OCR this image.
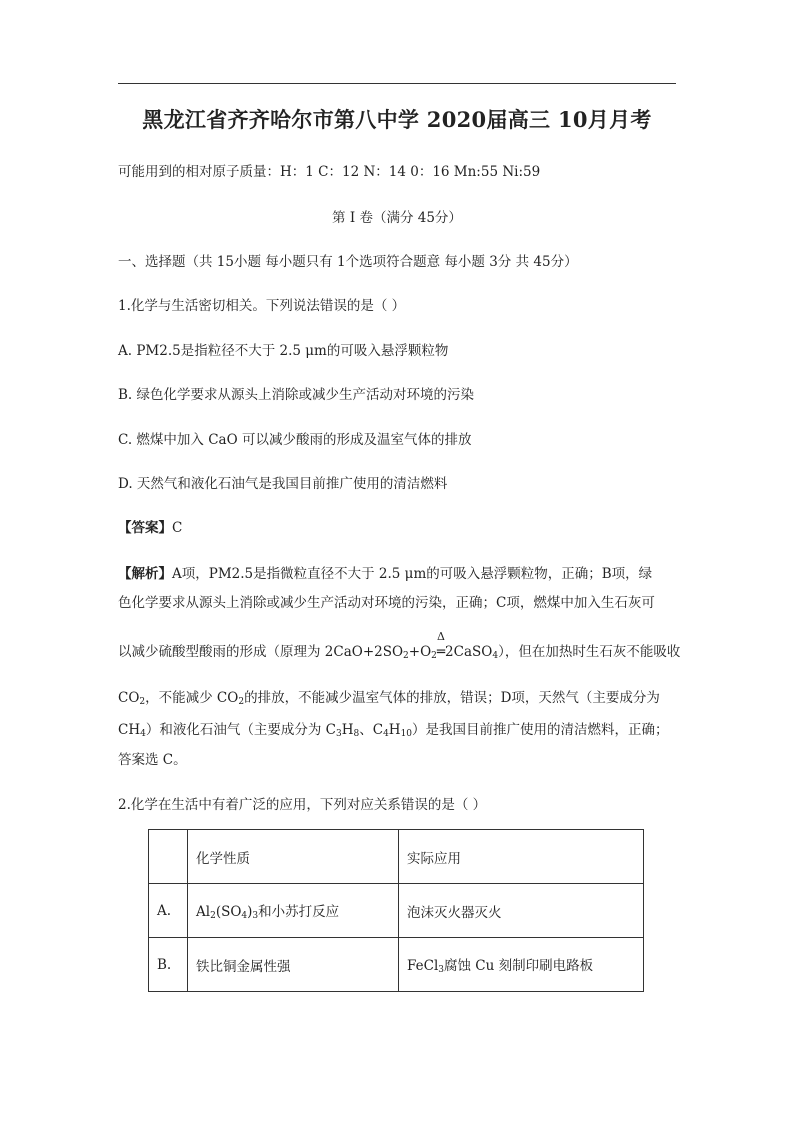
黑龙江省齐齐哈尔市第八中学 2020届高三 10月月考
可能用到的相对原子质量：H：1 C：12 N：14 0：16 Mn:55 Ni:59
第 I 卷（满分 45分）
一、选择题（共 15小题 每小题只有 1个选项符合题意 每小题 3分 共 45分）
1.化学与生活密切相关。下列说法错误的是（ ）
A. PM2.5是指粒径不大于 2.5 μm的可吸入悬浮颗粒物
B. 绿色化学要求从源头上消除或减少生产活动对环境的污染
C. 燃煤中加入 CaO 可以减少酸雨的形成及温室气体的排放
D. 天然气和液化石油气是我国目前推广使用的清洁燃料
【答案】C
【解析】A项，PM2.5是指微粒直径不大于 2.5 μm的可吸入悬浮颗粒物，正确；B项，绿
色化学要求从源头上消除或减少生产活动对环境的污染，正确；C项，燃煤中加入生石灰可
以减少硫酸型酸雨的形成（原理为 $2CaO+2SO_2+O_2$
Δ
═2CaSO$_4$），但在加热时生石灰不能吸收
$CO_2$，不能减少 $CO_2$的排放，不能减少温室气体的排放，错误；D项，天然气（主要成分为
$CH_4$）和液化石油气（主要成分为 $C_3H_8$、$C_4H_{10}$）是我国目前推广使用的清洁燃料，正确；
答案选 C。
2.化学在生活中有着广泛的应用，下列对应关系错误的是（ ）
	化学性质	实际应用
A.	$Al_2(SO_4)_3$和小苏打反应	泡沫灭火器灭火
B.	铁比铜金属性强	FeCl$_3$腐蚀 Cu 刻制印刷电路板
